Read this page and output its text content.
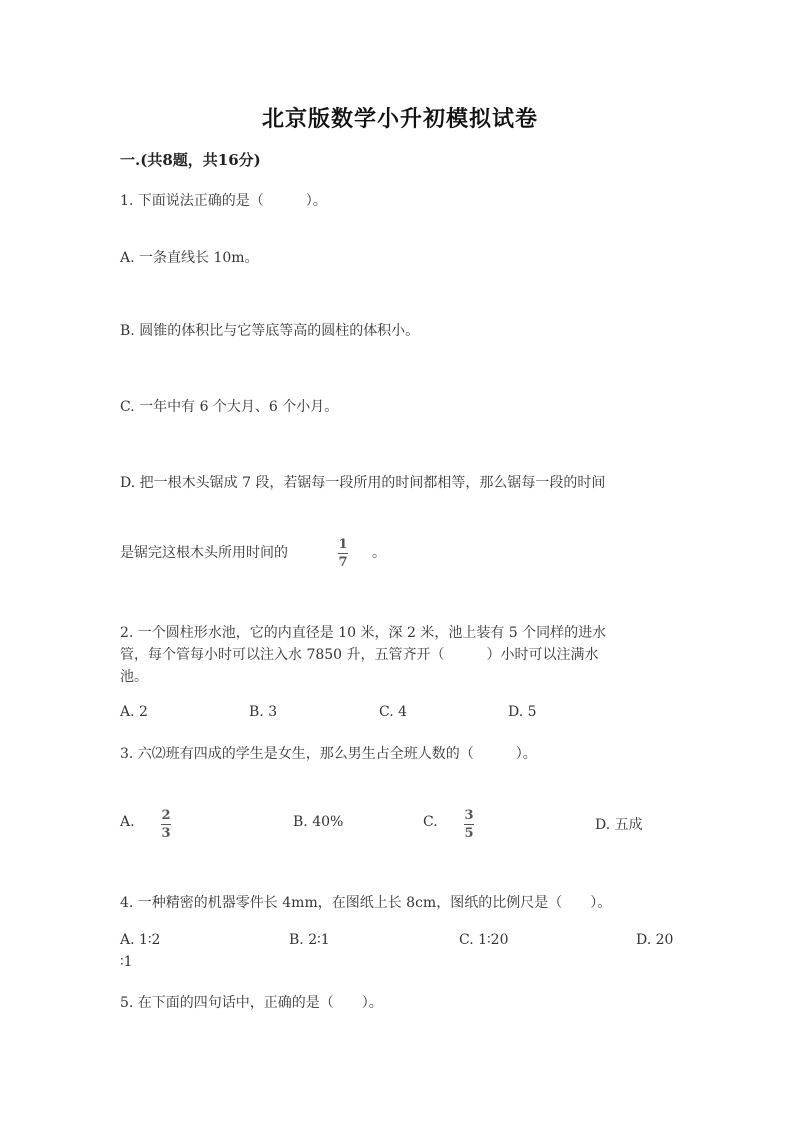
北京版数学小升初模拟试卷
一.(共8题，共16分)
1. 下面说法正确的是（　　　）。
A. 一条直线长 10m。
B. 圆锥的体积比与它等底等高的圆柱的体积小。
C. 一年中有 6 个大月、6 个小月。
D. 把一根木头锯成 7 段，若锯每一段所用的时间都相等，那么锯每一段的时间
是锯完这根木头所用时间的
1
7
。
2. 一个圆柱形水池，它的内直径是 10 米，深 2 米，池上装有 5 个同样的进水
管，每个管每小时可以注入水 7850 升，五管齐开（　　　）小时可以注满水
池。
A. 2	B. 3	C. 4	D. 5
3. 六⑵班有四成的学生是女生，那么男生占全班人数的（　　　）。
A. 2
3
B. 40%	C. 3
5
D. 五成
4. 一种精密的机器零件长 4mm，在图纸上长 8cm，图纸的比例尺是（　　）。
A. 1∶2	B. 2∶1	C. 1∶20	D. 20
∶1
5. 在下面的四句话中，正确的是（　　）。
